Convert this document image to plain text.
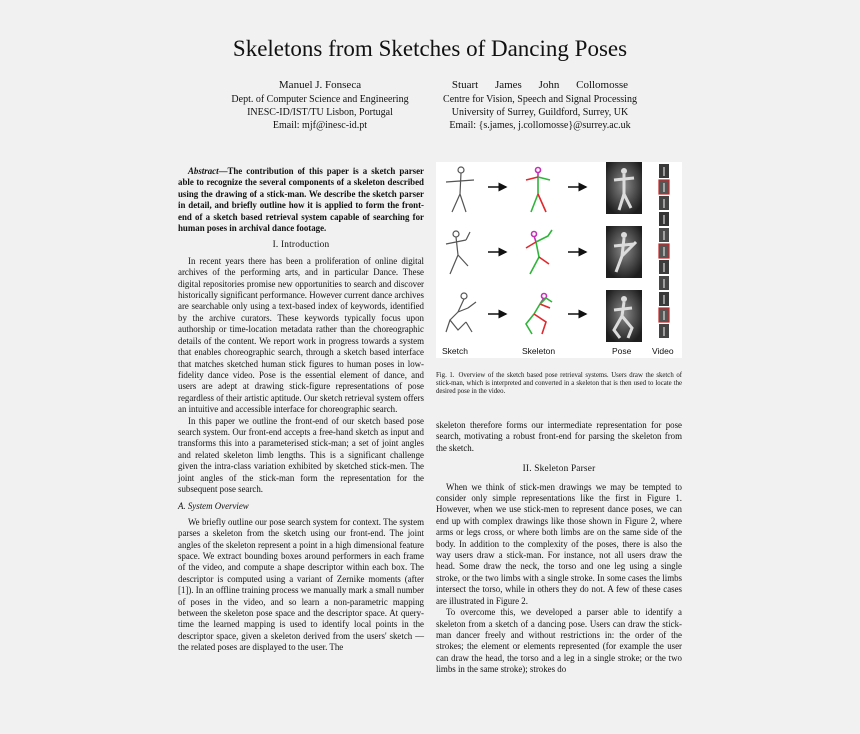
Skeletons from Sketches of Dancing Poses
Manuel J. Fonseca
Dept. of Computer Science and Engineering
INESC-ID/IST/TU Lisbon, Portugal
Email: mjf@inesc-id.pt
Stuart James John Collomosse
Centre for Vision, Speech and Signal Processing
University of Surrey, Guildford, Surrey, UK
Email: {s.james, j.collomosse}@surrey.ac.uk

Abstract—The contribution of this paper is a sketch parser able to recognize the several components of a skeleton described using the drawing of a stick-man. We describe the sketch parser in detail, and briefly outline how it is applied to form the front-end of a sketch based retrieval system capable of searching for human poses in archival dance footage.

I. Introduction

In recent years there has been a proliferation of online digital archives of the performing arts, and in particular Dance. These digital repositories promise new opportunities to search and discover historically significant performance. However current dance archives are searchable only using a text-based index of keywords, identified by the archive curators. These keywords typically focus upon authorship or time-location metadata rather than the choreographic details of the content. We report work in progress towards a system that enables choreographic search, through a sketch based interface that matches sketched human stick figures to human poses in low-fidelity dance video. Pose is the essential element of dance, and users are adept at drawing stick-figure representations of pose regardless of their artistic aptitude. Our sketch retrieval system offers an intuitive and accessible interface for choreographic search.

In this paper we outline the front-end of our sketch based pose search system. Our front-end accepts a free-hand sketch as input and transforms this into a parameterised stick-man; a set of joint angles and related skeleton limb lengths. This is a significant challenge given the intra-class variation exhibited by sketched stick-men. The joint angles of the stick-man form the representation for the subsequent pose search.

A. System Overview

We briefly outline our pose search system for context. The system parses a skeleton from the sketch using our front-end. The joint angles of the skeleton represent a point in a high dimensional feature space. We extract bounding boxes around performers in each frame of the video, and compute a shape descriptor within each box. The descriptor is computed using a variant of Zernike moments (after [1]). In an offline training process we manually mark a small number of poses in the video, and so learn a non-parametric mapping between the skeleton pose space and the descriptor space. At query-time the learned mapping is used to identify local points in the descriptor space, given a skeleton derived from the users' sketch — the related poses are displayed to the user. The

Sketch	Skeleton	Pose Video
Fig. 1. Overview of the sketch based pose retrieval systems. Users draw the sketch of stick-man, which is interpreted and converted in a skeleton that is then used to locate the desired pose in the video.

skeleton therefore forms our intermediate representation for pose search, motivating a robust front-end for parsing the skeleton from the sketch.

II. Skeleton Parser

When we think of stick-men drawings we may be tempted to consider only simple representations like the first in Figure 1. However, when we use stick-men to represent dance poses, we can end up with complex drawings like those shown in Figure 2, where arms or legs cross, or where both limbs are on the same side of the body. In addition to the complexity of the poses, there is also the way users draw a stick-man. For instance, not all users draw the head. Some draw the neck, the torso and one leg using a single stroke, or the two limbs with a single stroke. In some cases the limbs intersect the torso, while in others they do not. A few of these cases are illustrated in Figure 2.

To overcome this, we developed a parser able to identify a skeleton from a sketch of a dancing pose. Users can draw the stick-man dancer freely and without restrictions in: the order of the strokes; the element or elements represented (for example the user can draw the head, the torso and a leg in a single stroke; or the two limbs in the same stroke); strokes do
